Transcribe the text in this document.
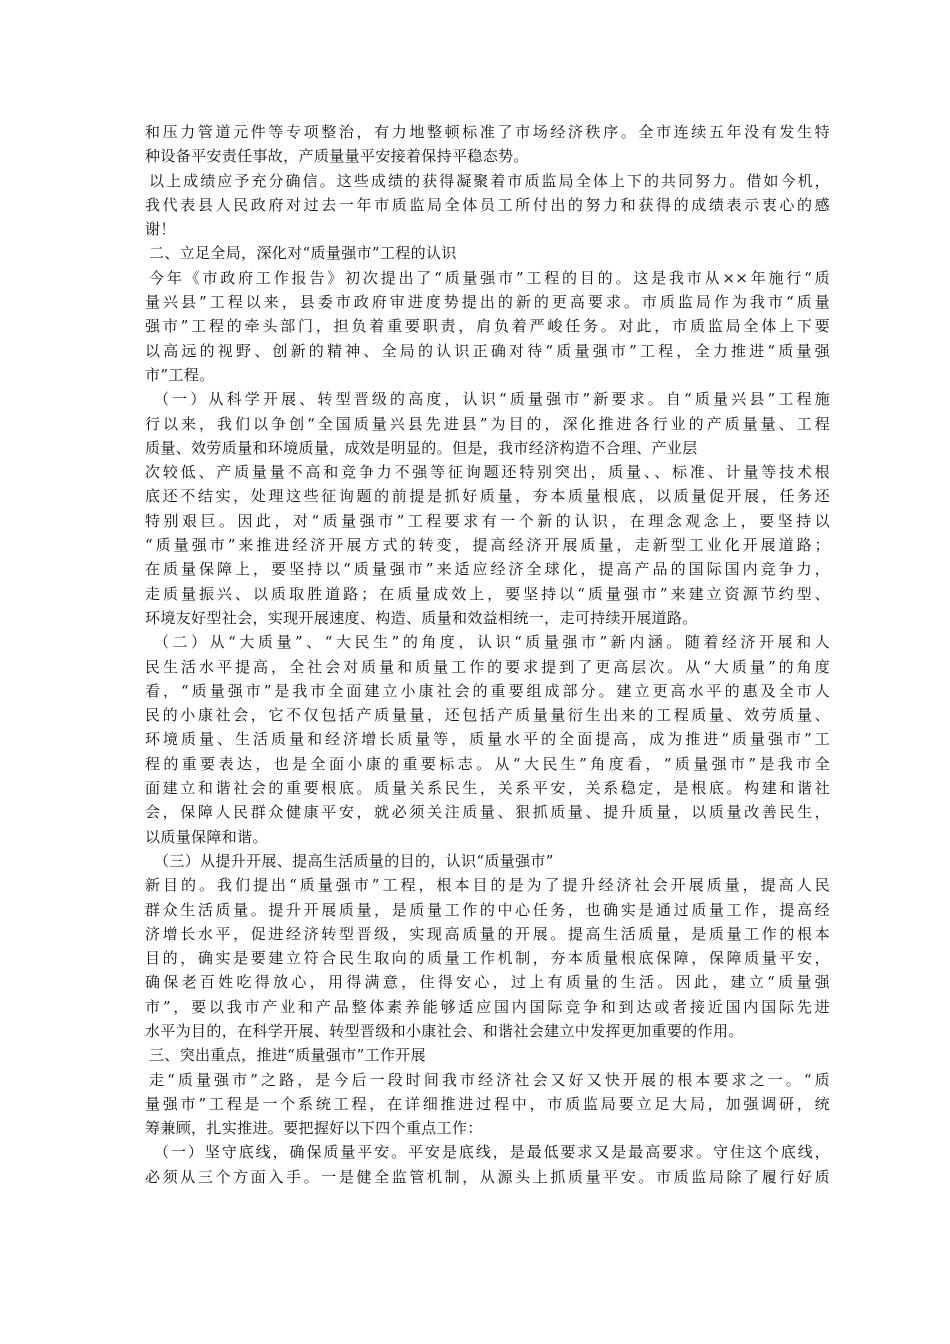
和压力管道元件等专项整治，有力地整顿标准了市场经济秩序。全市连续五年没有发生特
种设备平安责任事故，产质量量平安接着保持平稳态势。
以上成绩应予充分确信。这些成绩的获得凝聚着市质监局全体上下的共同努力。借如今机，
我代表县人民政府对过去一年市质监局全体员工所付出的努力和获得的成绩表示衷心的感
谢！
二、立足全局，深化对“质量强市”工程的认识
今年《市政府工作报告》初次提出了“质量强市”工程的目的。这是我市从××年施行“质
量兴县”工程以来，县委市政府审进度势提出的新的更高要求。市质监局作为我市“质量
强市”工程的牵头部门，担负着重要职责，肩负着严峻任务。对此，市质监局全体上下要
以高远的视野、创新的精神、全局的认识正确对待“质量强市”工程，全力推进“质量强
市”工程。
（一）从科学开展、转型晋级的高度，认识“质量强市”新要求。自“质量兴县”工程施
行以来，我们以争创“全国质量兴县先进县”为目的，深化推进各行业的产质量量、工程
质量、效劳质量和环境质量，成效是明显的。但是，我市经济构造不合理、产业层
次较低、产质量量不高和竞争力不强等征询题还特别突出，质量、、标准、计量等技术根
底还不结实，处理这些征询题的前提是抓好质量，夯本质量根底，以质量促开展，任务还
特别艰巨。因此，对“质量强市”工程要求有一个新的认识，在理念观念上，要坚持以
“质量强市”来推进经济开展方式的转变，提高经济开展质量，走新型工业化开展道路；
在质量保障上，要坚持以“质量强市”来适应经济全球化，提高产品的国际国内竞争力，
走质量振兴、以质取胜道路；在质量成效上，要坚持以“质量强市”来建立资源节约型、
环境友好型社会，实现开展速度、构造、质量和效益相统一，走可持续开展道路。
（二）从“大质量”、“大民生”的角度，认识“质量强市”新内涵。随着经济开展和人
民生活水平提高，全社会对质量和质量工作的要求提到了更高层次。从“大质量”的角度
看，“质量强市”是我市全面建立小康社会的重要组成部分。建立更高水平的惠及全市人
民的小康社会，它不仅包括产质量量，还包括产质量量衍生出来的工程质量、效劳质量、
环境质量、生活质量和经济增长质量等，质量水平的全面提高，成为推进“质量强市”工
程的重要表达，也是全面小康的重要标志。从“大民生”角度看，“质量强市”是我市全
面建立和谐社会的重要根底。质量关系民生，关系平安，关系稳定，是根底。构建和谐社
会，保障人民群众健康平安，就必须关注质量、狠抓质量、提升质量，以质量改善民生，
以质量保障和谐。
（三）从提升开展、提高生活质量的目的，认识“质量强市”
新目的。我们提出“质量强市”工程，根本目的是为了提升经济社会开展质量，提高人民
群众生活质量。提升开展质量，是质量工作的中心任务，也确实是通过质量工作，提高经
济增长水平，促进经济转型晋级，实现高质量的开展。提高生活质量，是质量工作的根本
目的，确实是要建立符合民生取向的质量工作机制，夯本质量根底保障，保障质量平安，
确保老百姓吃得放心，用得满意，住得安心，过上有质量的生活。因此，建立“质量强
市”，要以我市产业和产品整体素养能够适应国内国际竞争和到达或者接近国内国际先进
水平为目的，在科学开展、转型晋级和小康社会、和谐社会建立中发挥更加重要的作用。
三、突出重点，推进“质量强市”工作开展
走“质量强市”之路，是今后一段时间我市经济社会又好又快开展的根本要求之一。“质
量强市”工程是一个系统工程，在详细推进过程中，市质监局要立足大局，加强调研，统
筹兼顾，扎实推进。要把握好以下四个重点工作：
（一）坚守底线，确保质量平安。平安是底线，是最低要求又是最高要求。守住这个底线，
必须从三个方面入手。一是健全监管机制，从源头上抓质量平安。市质监局除了履行好质
